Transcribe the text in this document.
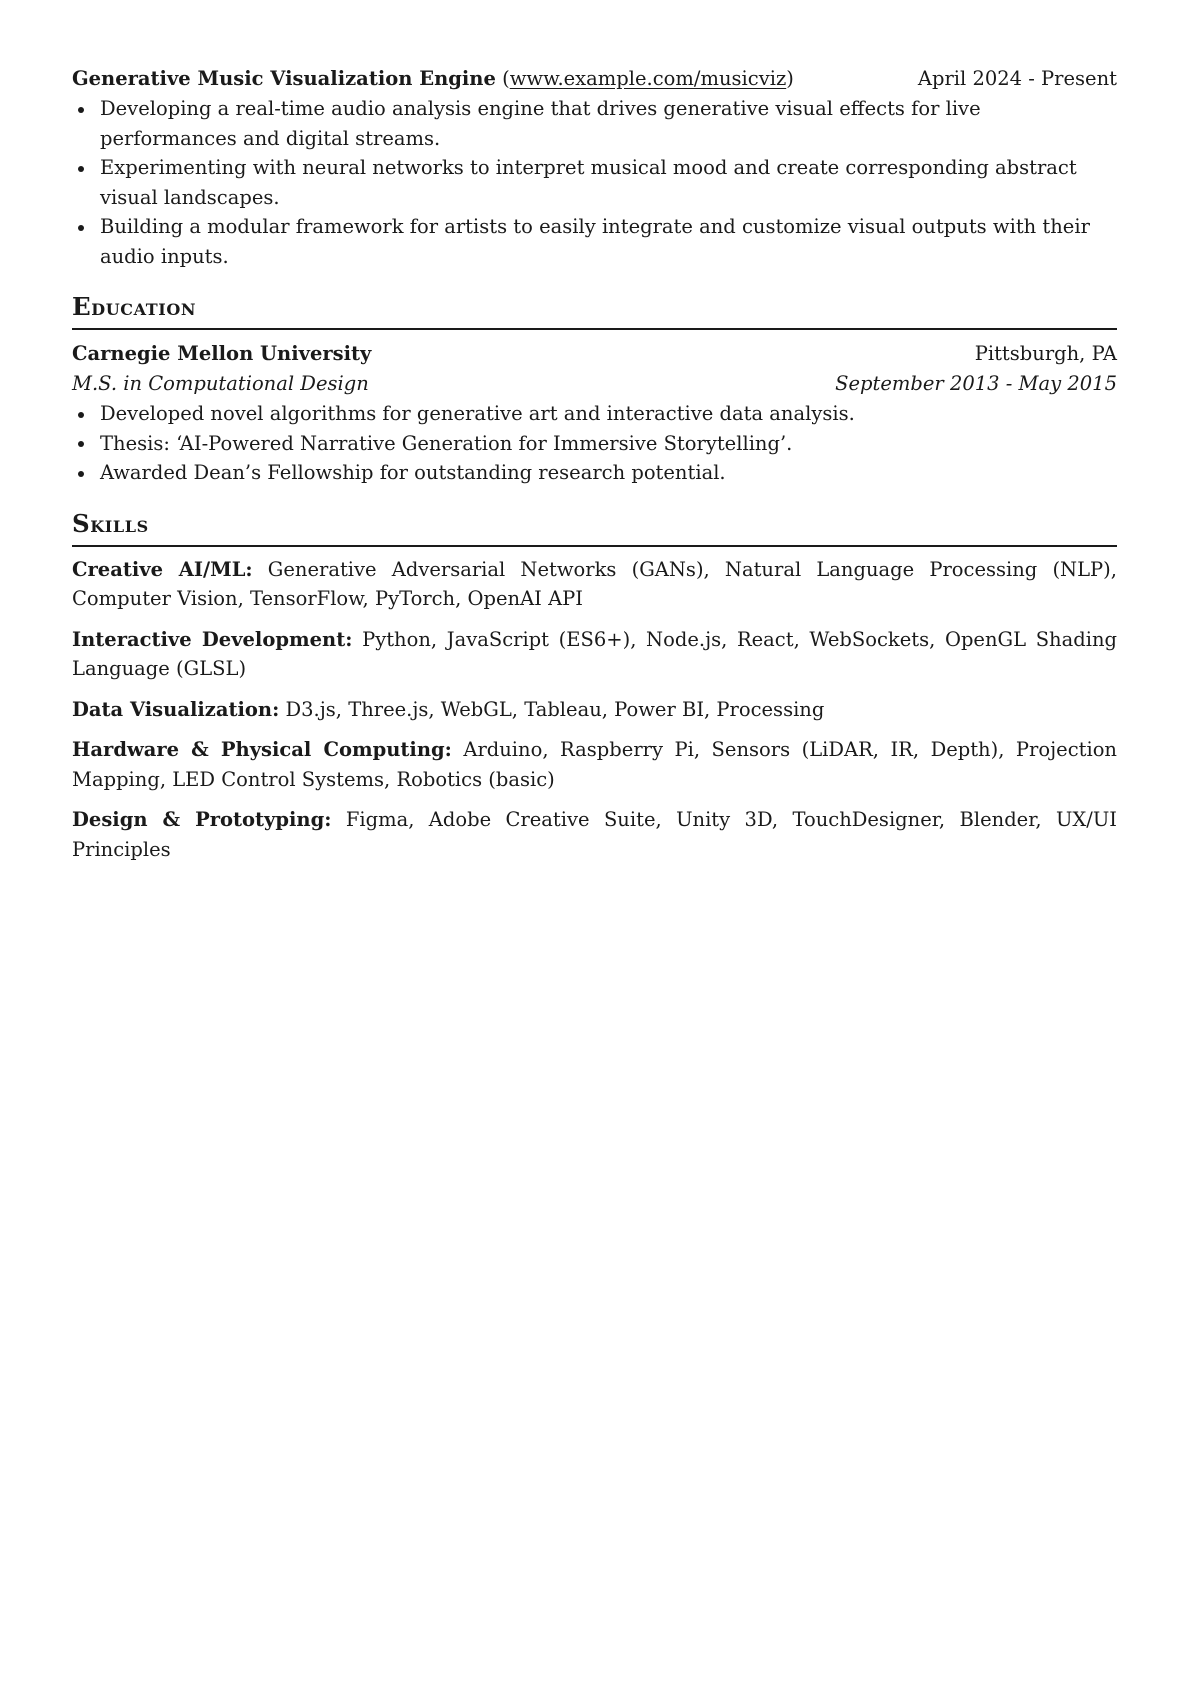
Generative Music Visualization Engine (www.example.com/musicviz)	April 2024 - Present
Developing a real-time audio analysis engine that drives generative visual effects for live performances and digital streams.
Experimenting with neural networks to interpret musical mood and create corresponding abstract visual landscapes.
Building a modular framework for artists to easily integrate and customize visual outputs with their audio inputs.
Education
Carnegie Mellon University	Pittsburgh, PA
M.S. in Computational Design	September 2013 - May 2015
Developed novel algorithms for generative art and interactive data analysis.
Thesis: ‘AI-Powered Narrative Generation for Immersive Storytelling’.
Awarded Dean’s Fellowship for outstanding research potential.
Skills
Creative AI/ML: Generative Adversarial Networks (GANs), Natural Language Processing (NLP), Computer Vision, TensorFlow, PyTorch, OpenAI API
Interactive Development: Python, JavaScript (ES6+), Node.js, React, WebSockets, OpenGL Shading Language (GLSL)
Data Visualization: D3.js, Three.js, WebGL, Tableau, Power BI, Processing
Hardware & Physical Computing: Arduino, Raspberry Pi, Sensors (LiDAR, IR, Depth), Projection Mapping, LED Control Systems, Robotics (basic)
Design & Prototyping: Figma, Adobe Creative Suite, Unity 3D, TouchDesigner, Blender, UX/UI Principles
